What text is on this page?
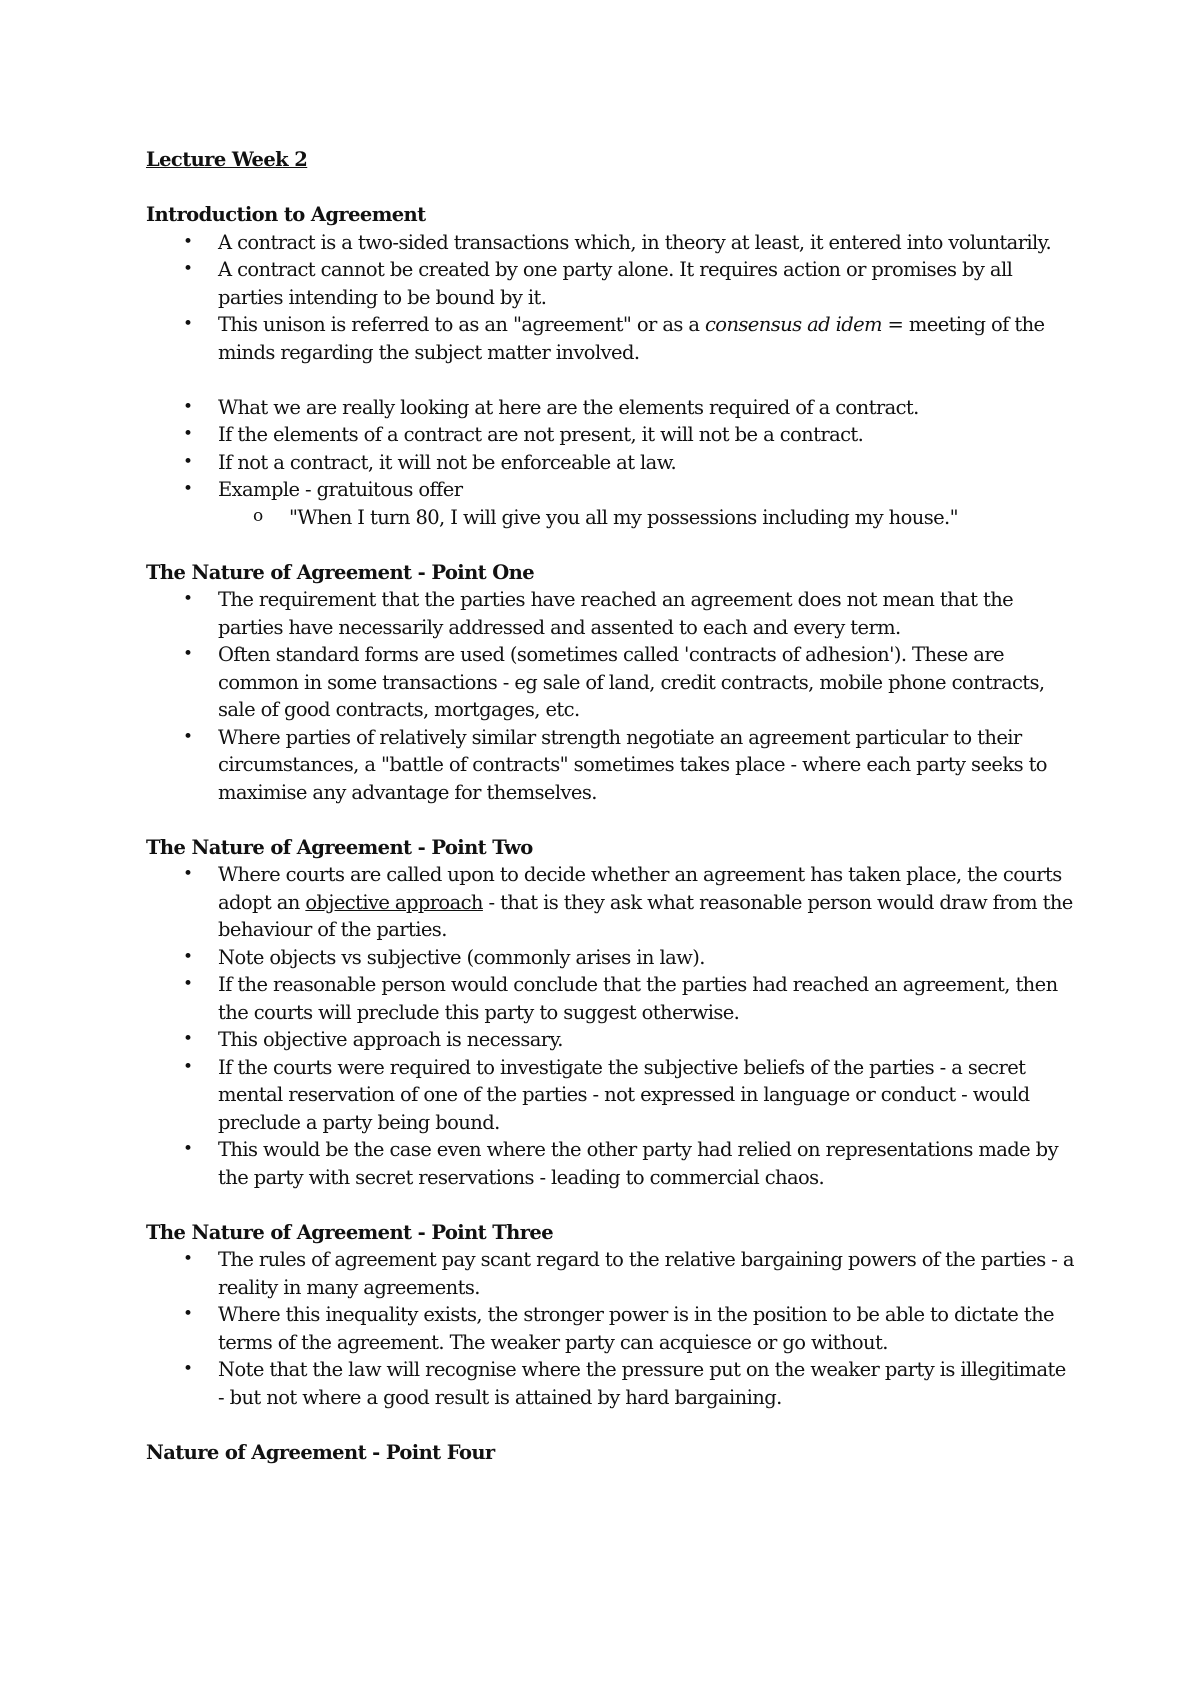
Lecture Week 2

Introduction to Agreement

• A contract is a two-sided transactions which, in theory at least, it entered into voluntarily.
• A contract cannot be created by one party alone. It requires action or promises by all parties intending to be bound by it.
• This unison is referred to as an "agreement" or as a consensus ad idem = meeting of the minds regarding the subject matter involved.
• What we are really looking at here are the elements required of a contract.
• If the elements of a contract are not present, it will not be a contract.
• If not a contract, it will not be enforceable at law.
• Example - gratuitous offer
o "When I turn 80, I will give you all my possessions including my house."

The Nature of Agreement - Point One

• The requirement that the parties have reached an agreement does not mean that the parties have necessarily addressed and assented to each and every term.
• Often standard forms are used (sometimes called 'contracts of adhesion'). These are common in some transactions - eg sale of land, credit contracts, mobile phone contracts, sale of good contracts, mortgages, etc.
• Where parties of relatively similar strength negotiate an agreement particular to their circumstances, a "battle of contracts" sometimes takes place - where each party seeks to maximise any advantage for themselves.

The Nature of Agreement - Point Two

• Where courts are called upon to decide whether an agreement has taken place, the courts adopt an objective approach - that is they ask what reasonable person would draw from the behaviour of the parties.
• Note objects vs subjective (commonly arises in law).
• If the reasonable person would conclude that the parties had reached an agreement, then the courts will preclude this party to suggest otherwise.
• This objective approach is necessary.
• If the courts were required to investigate the subjective beliefs of the parties - a secret mental reservation of one of the parties - not expressed in language or conduct - would preclude a party being bound.
• This would be the case even where the other party had relied on representations made by the party with secret reservations - leading to commercial chaos.

The Nature of Agreement - Point Three

• The rules of agreement pay scant regard to the relative bargaining powers of the parties - a reality in many agreements.
• Where this inequality exists, the stronger power is in the position to be able to dictate the terms of the agreement. The weaker party can acquiesce or go without.
• Note that the law will recognise where the pressure put on the weaker party is illegitimate - but not where a good result is attained by hard bargaining.

Nature of Agreement - Point Four
